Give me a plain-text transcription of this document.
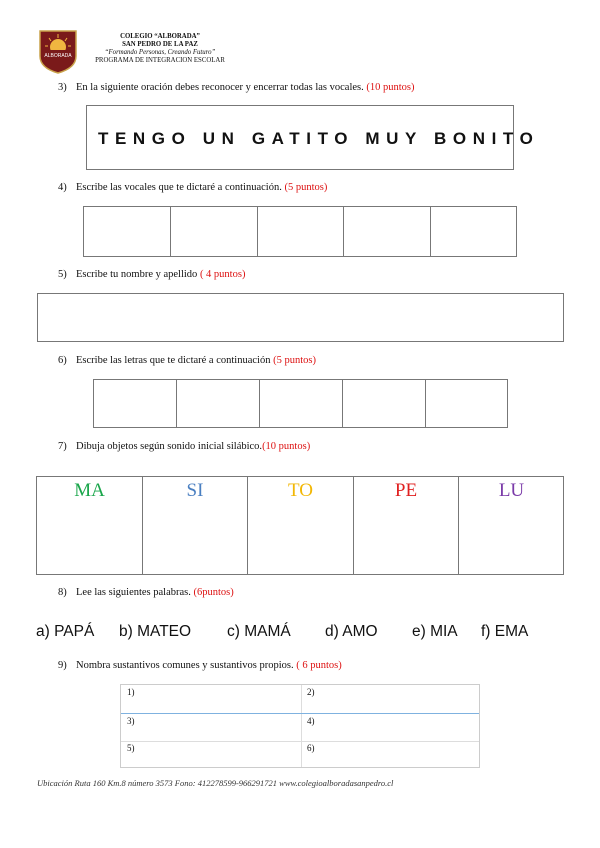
ALBORADA
COLEGIO “ALBORADA”
SAN PEDRO DE LA PAZ
“Formando Personas, Creando Futuro”
PROGRAMA DE INTEGRACION ESCOLAR
3) En la siguiente oración debes reconocer y encerrar todas las vocales. (10 puntos)
TENGO UN GATITO MUY BONITO
4) Escribe las vocales que te dictaré a continuación. (5 puntos)
5) Escribe tu nombre y apellido ( 4 puntos)
6) Escribe las letras que te dictaré a continuación (5 puntos)
7) Dibuja objetos según sonido inicial silábico.(10 puntos)
MA	SI	TO	PE	LU
8) Lee las siguientes palabras. (6puntos)
a) PAPÁ b) MATEO c) MAMÁ d) AMO e) MIA f) EMA
9) Nombra sustantivos comunes y sustantivos propios. ( 6 puntos)
1)	2)
3)	4)
5)	6)
Ubicación Ruta 160 Km.8 número 3573 Fono: 412278599-966291721 www.colegioalboradasanpedro.cl
